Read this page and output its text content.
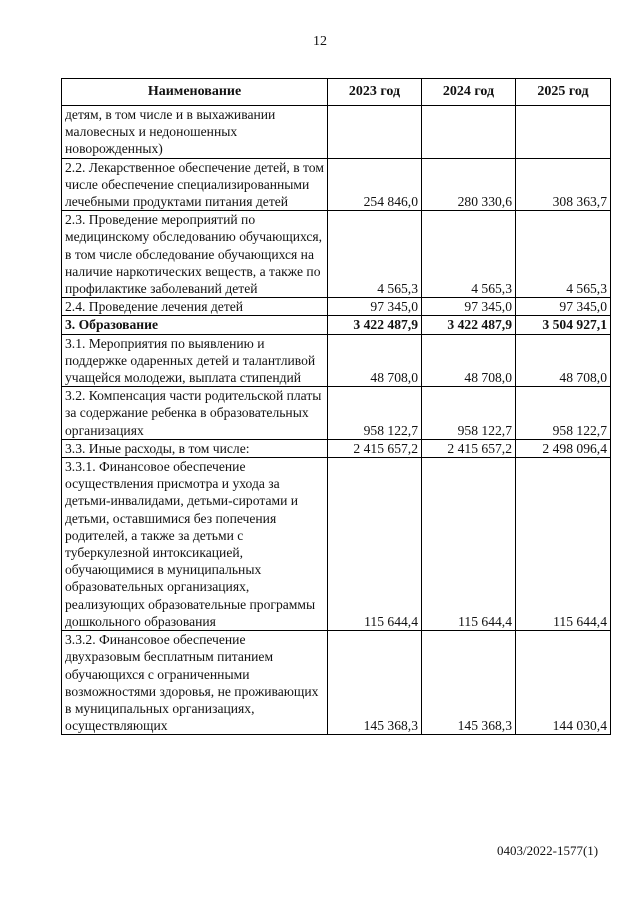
12
Наименование	2023 год	2024 год	2025 год
детям, в том числе и в выхаживании маловесных и недоношенных новорожденных)			
2.2. Лекарственное обеспечение детей, в том числе обеспечение специализированными лечебными продуктами питания детей	254 846,0	280 330,6	308 363,7
2.3. Проведение мероприятий по медицинскому обследованию обучающихся, в том числе обследование обучающихся на наличие наркотических веществ, а также по профилактике заболеваний детей	4 565,3	4 565,3	4 565,3
2.4. Проведение лечения детей	97 345,0	97 345,0	97 345,0
3. Образование	3 422 487,9	3 422 487,9	3 504 927,1
3.1. Мероприятия по выявлению и поддержке одаренных детей и талантливой учащейся молодежи, выплата стипендий	48 708,0	48 708,0	48 708,0
3.2. Компенсация части родительской платы за содержание ребенка в образовательных организациях	958 122,7	958 122,7	958 122,7
3.3. Иные расходы, в том числе:	2 415 657,2	2 415 657,2	2 498 096,4
3.3.1. Финансовое обеспечение осуществления присмотра и ухода за детьми-инвалидами, детьми-сиротами и детьми, оставшимися без попечения родителей, а также за детьми с туберкулезной интоксикацией, обучающимися в муниципальных образовательных организациях, реализующих образовательные программы дошкольного образования	115 644,4	115 644,4	115 644,4
3.3.2. Финансовое обеспечение двухразовым бесплатным питанием обучающихся с ограниченными возможностями здоровья, не проживающих в муниципальных организациях, осуществляющих	145 368,3	145 368,3	144 030,4
0403/2022-1577(1)
